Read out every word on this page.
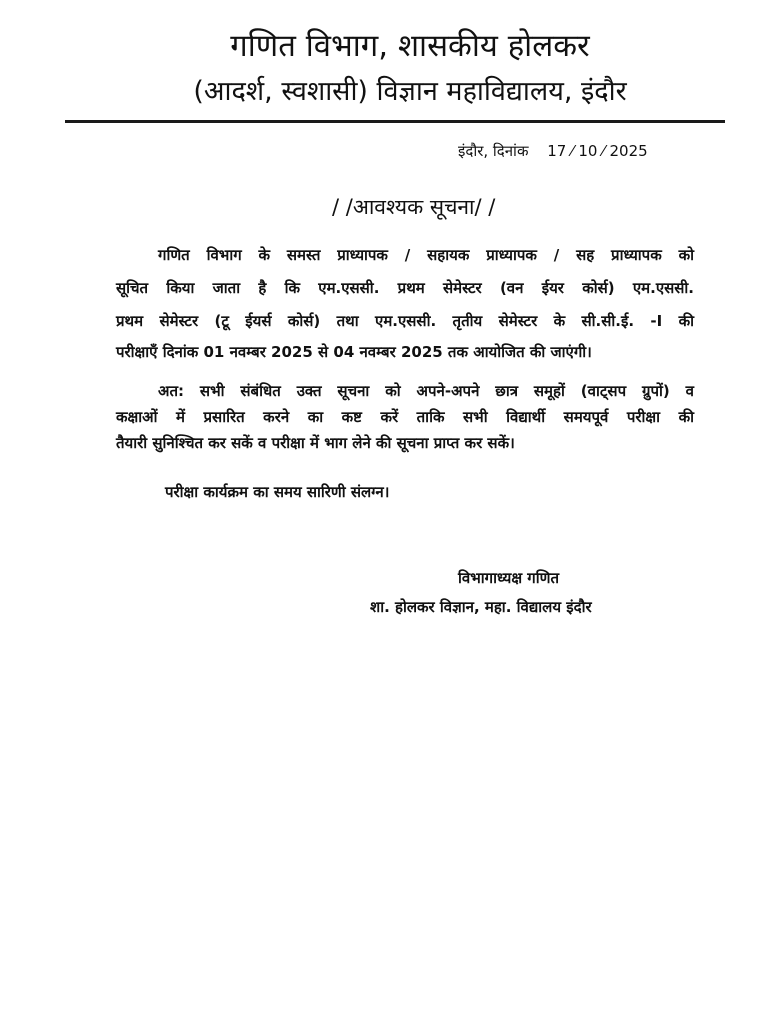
गणित विभाग, शासकीय होलकर
(आदर्श, स्वशासी) विज्ञान महाविद्यालय, इंदौर
इंदौर, दिनांक 17 ⁄ 10 ⁄ 2025
/ /आवश्यक सूचना/ /
गणित विभाग के समस्त प्राध्यापक / सहायक प्राध्यापक / सह प्राध्यापक को
सूचित किया जाता है कि एम.एससी. प्रथम सेमेस्टर (वन ईयर कोर्स) एम.एससी.
प्रथम सेमेस्टर (टू ईयर्स कोर्स) तथा एम.एससी. तृतीय सेमेस्टर के सी.सी.ई. -I की
परीक्षाएँ दिनांक 01 नवम्बर 2025 से 04 नवम्बर 2025 तक आयोजित की जाएंगी।
अत: सभी संबंधित उक्त सूचना को अपने-अपने छात्र समूहों (वाट्सप ग्रुपों) व
कक्षाओं में प्रसारित करने का कष्ट करें ताकि सभी विद्यार्थी समयपूर्व परीक्षा की
तैयारी सुनिश्चित कर सकें व परीक्षा में भाग लेने की सूचना प्राप्त कर सकें।
परीक्षा कार्यक्रम का समय सारिणी संलग्न।
विभागाध्यक्ष गणित
शा. होलकर विज्ञान, महा. विद्यालय इंदौर
